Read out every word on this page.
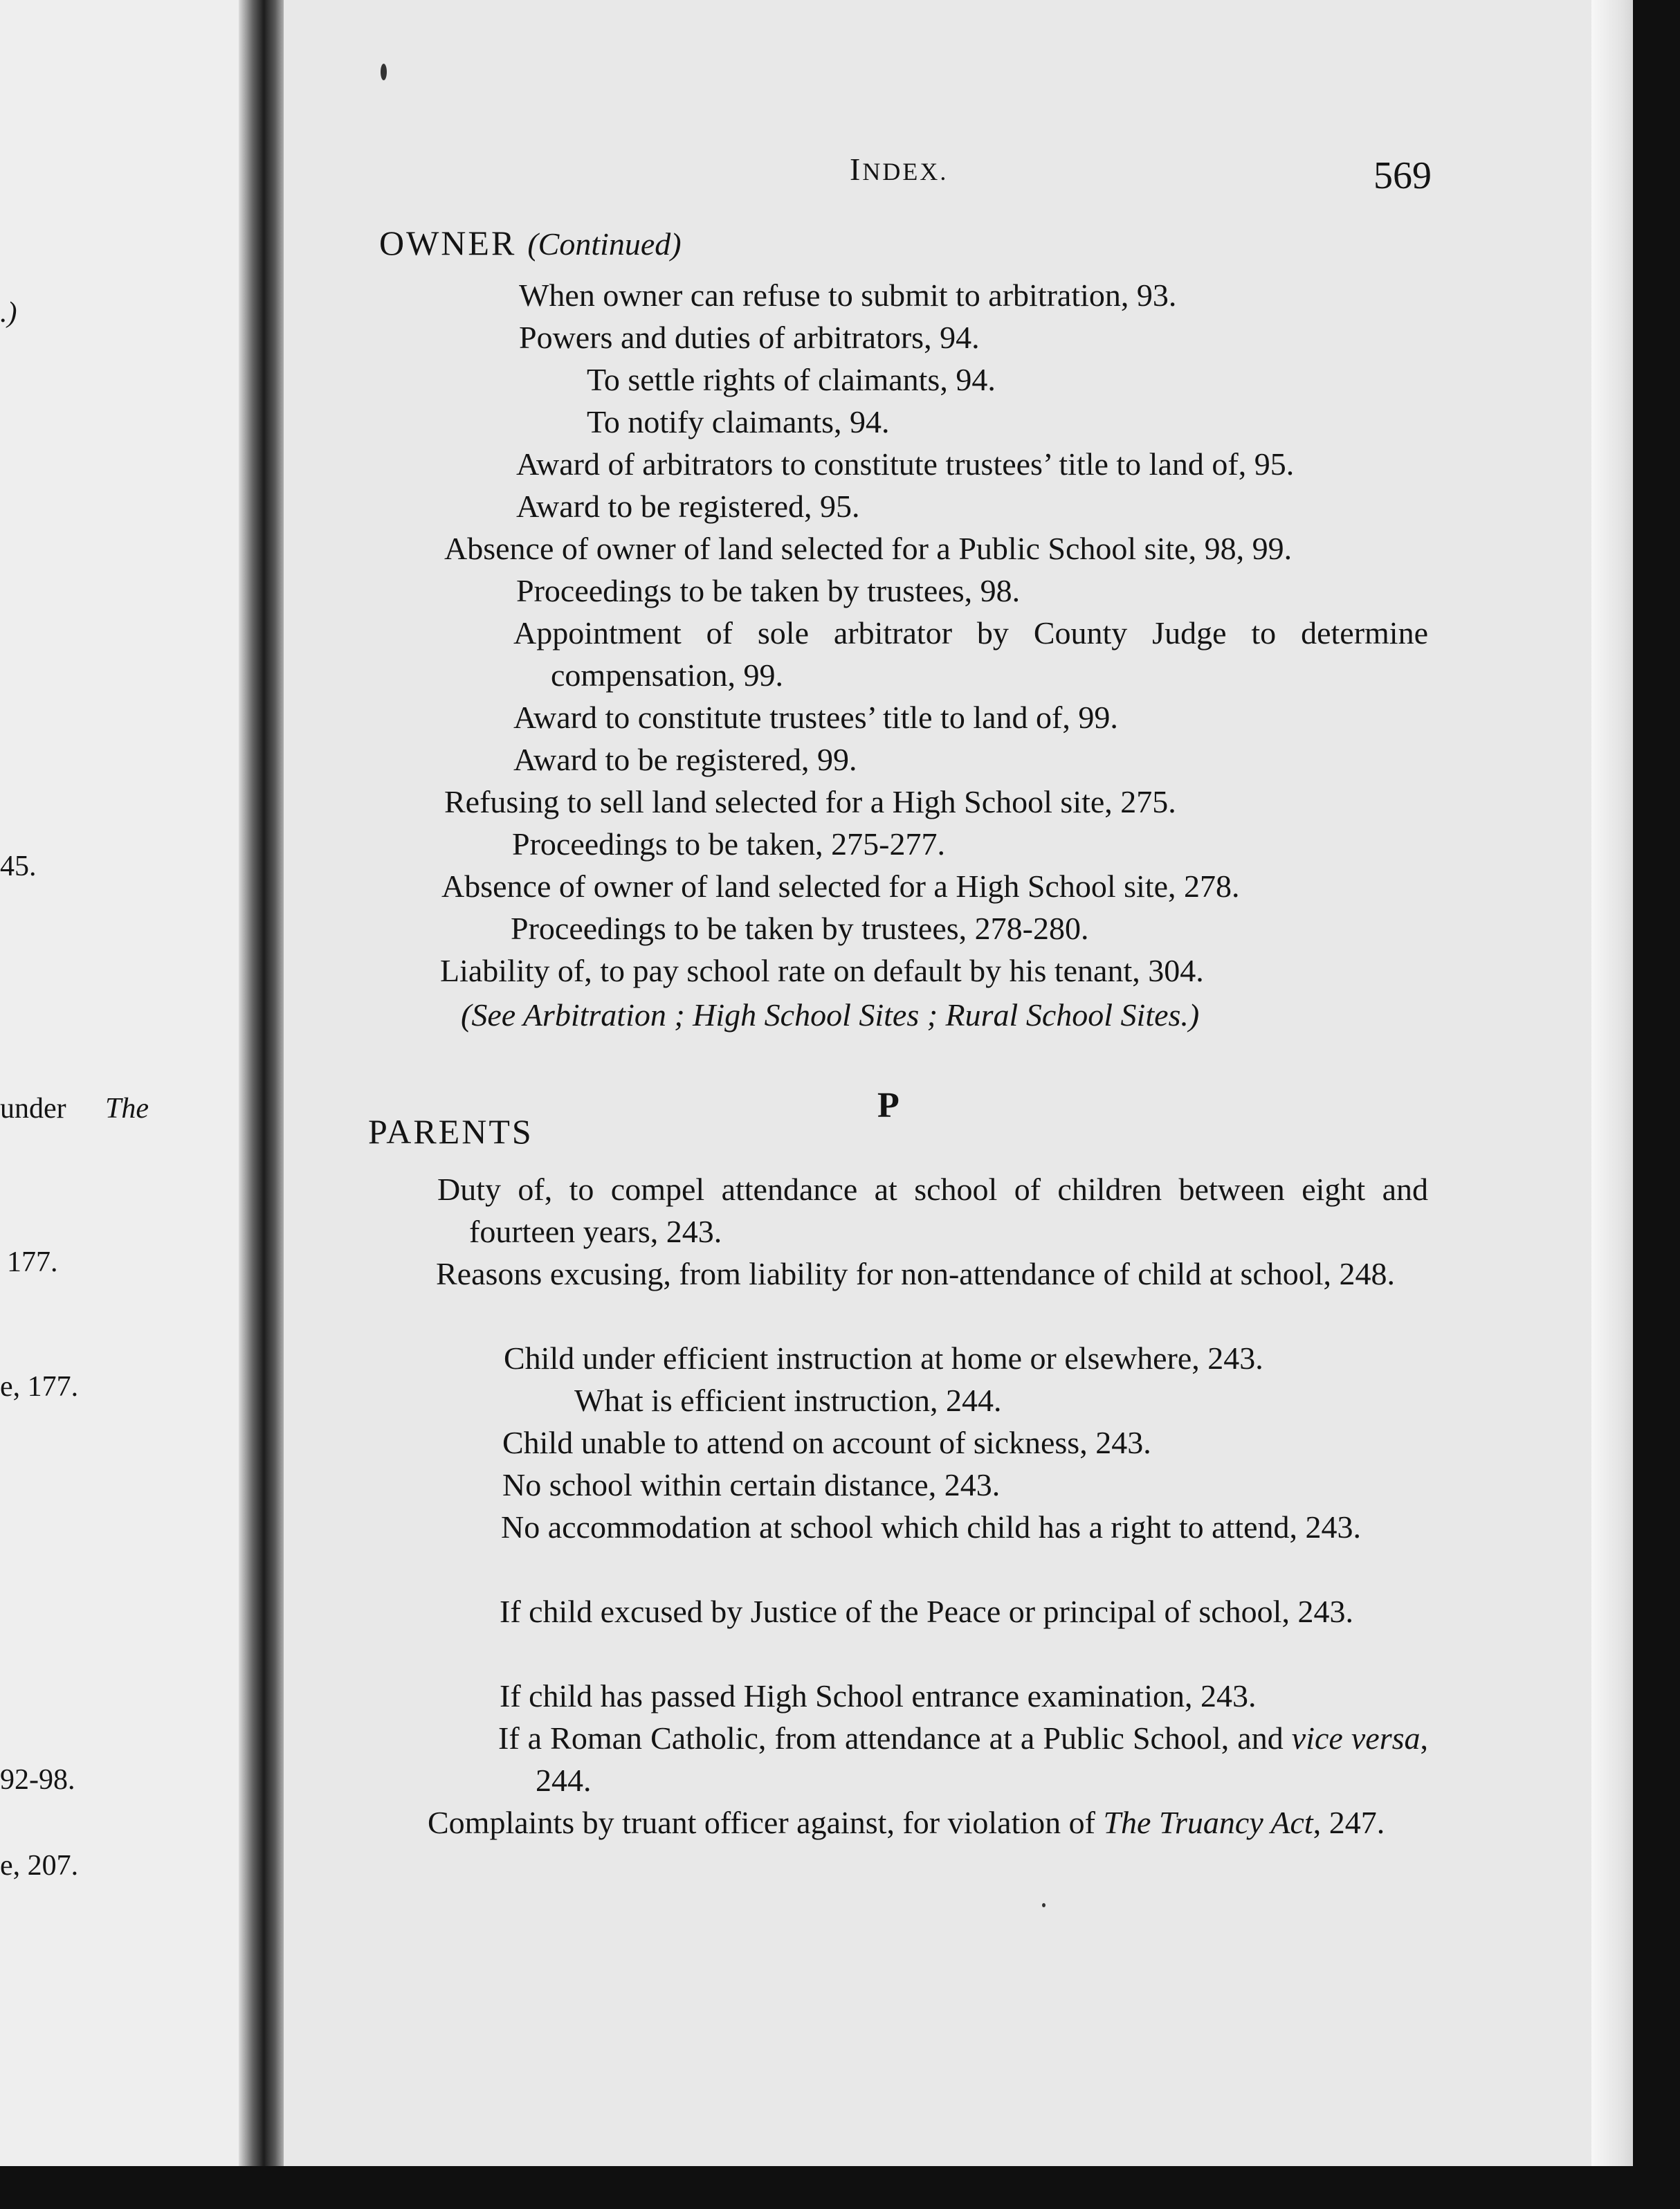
.)
45.
under The
177.
e, 177.
92-98.
e, 207.
INDEX.	569
OWNER (Continued)
When owner can refuse to submit to arbitration, 93.
Powers and duties of arbitrators, 94.
To settle rights of claimants, 94.
To notify claimants, 94.
Award of arbitrators to constitute trustees’ title to land of, 95.
Award to be registered, 95.
Absence of owner of land selected for a Public School site, 98, 99.
Proceedings to be taken by trustees, 98.
Appointment of sole arbitrator by County Judge to determine compensation, 99.
Award to constitute trustees’ title to land of, 99.
Award to be registered, 99.
Refusing to sell land selected for a High School site, 275.
Proceedings to be taken, 275-277.
Absence of owner of land selected for a High School site, 278.
Proceedings to be taken by trustees, 278-280.
Liability of, to pay school rate on default by his tenant, 304.
(See Arbitration ; High School Sites ; Rural School Sites.)
P
PARENTS
Duty of, to compel attendance at school of children between eight and fourteen years, 243.
Reasons excusing, from liability for non-attendance of child at school, 248.
Child under efficient instruction at home or elsewhere, 243.
What is efficient instruction, 244.
Child unable to attend on account of sickness, 243.
No school within certain distance, 243.
No accommodation at school which child has a right to attend, 243.
If child excused by Justice of the Peace or principal of school, 243.
If child has passed High School entrance examination, 243.
If a Roman Catholic, from attendance at a Public School, and vice versa, 244.
Complaints by truant officer against, for violation of The Truancy Act, 247.
